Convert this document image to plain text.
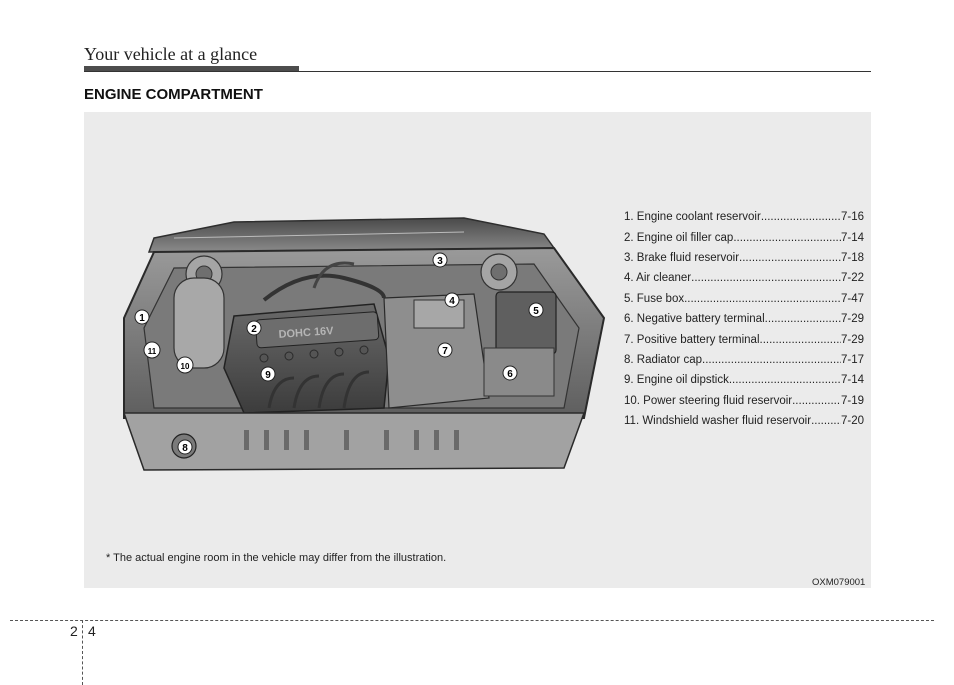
Your vehicle at a glance
ENGINE COMPARTMENT
DOHC 16V
1
2
3
4
5
6
7
8
9
10
11
1. Engine coolant reservoir .....	7-16
2. Engine oil filler cap .....	7-14
3. Brake fluid reservoir .....	7-18
4. Air cleaner .....	7-22
5. Fuse box .....	7-47
6. Negative battery terminal .....	7-29
7. Positive battery terminal .....	7-29
8. Radiator cap .....	7-17
9. Engine oil dipstick .....	7-14
10. Power steering fluid reservoir .....	7-19
11. Windshield washer fluid reservoir .....	7-20
* The actual engine room in the vehicle may differ from the illustration.
OXM079001
2 4
